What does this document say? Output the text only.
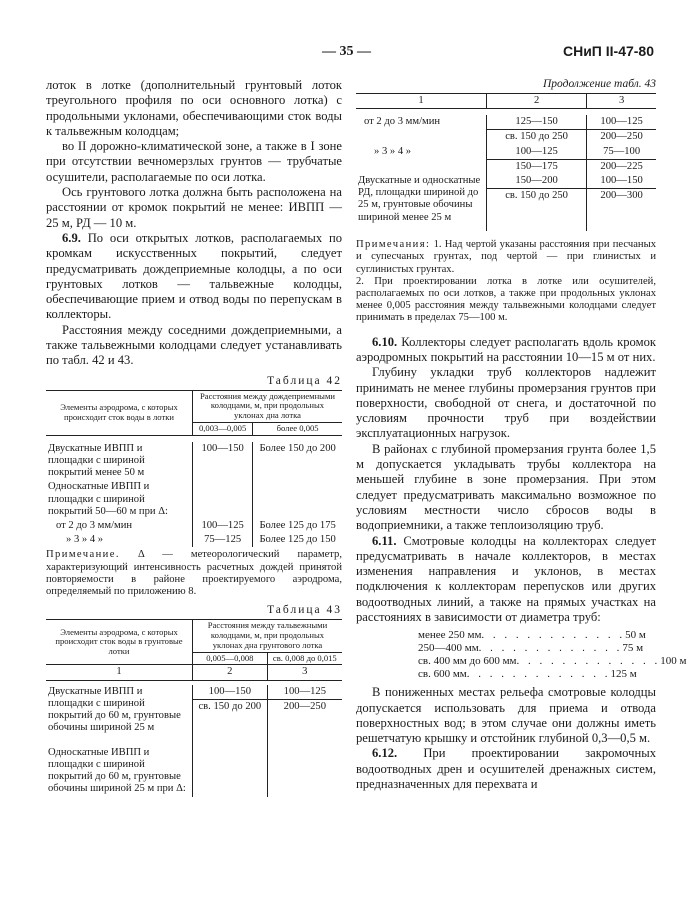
— 35 —	СНиП II-47-80

лоток в лотке (дополнительный грунтовый лоток треугольного профиля по оси основного лотка) с продольными уклонами, обеспечивающими сток воды к тальвежным колодцам;

во II дорожно-климатической зоне, а также в I зоне при отсутствии вечномерзлых грунтов — трубчатые осушители, располагаемые по оси лотка.

Ось грунтового лотка должна быть расположена на расстоянии от кромок покрытий не менее: ИВПП — 25 м, РД — 10 м.

6.9. По оси открытых лотков, располагаемых по кромкам искусственных покрытий, следует предусматривать дождеприемные колодцы, а по оси грунтовых лотков — тальвежные колодцы, обеспечивающие прием и отвод воды по перепускам в коллекторы.

Расстояния между соседними дождеприемными, а также тальвежными колодцами следует устанавливать по табл. 42 и 43.

Таблица 42
Элементы аэродрома, с которых происходит сток воды в лотки	Расстояния между дождеприемными колодцами, м, при продольных уклонах дна лотка	
	0,003—0,005	более 0,005

Двускатные ИВПП и площадки с шириной покрытий менее 50 м	100—150	Более 150 до 200
Односкатные ИВПП и площадки с шириной покрытий 50—60 м при Δ:		
от 2 до 3 мм/мин	100—125	Более 125 до 175
» 3 » 4 »	75—125	Более 125 до 150
Примечание. Δ — метеорологический параметр, характеризующий интенсивность расчетных дождей принятой повторяемости в районе проектируемого аэродрома, определяемый по приложению 8.
Таблица 43
Элементы аэродрома, с которых происходит сток воды в грунтовые лотки	Расстояния между тальвежными колодцами, м, при продольных уклонах дна грунтового лотка	
	0,005—0,008	св. 0,008 до 0,015
1	2	3

Двускатные ИВПП и площадки с шириной покрытий до 60 м, грунтовые обочины шириной 25 м	100—150	100—125
	св. 150 до 200	200—250
Односкатные ИВПП и площадки с шириной покрытий до 60 м, грунтовые обочины шириной 25 м при Δ:		
Продолжение табл. 43
1	2	3

от 2 до 3 мм/мин	125—150	100—125
	св. 150 до 250	200—250
» 3 » 4 »	100—125	75—100
	150—175	200—225
Двускатные и односкатные РД, площадки шириной до 25 м, грунтовые обочины шириной менее 25 м	150—200	100—150
	св. 150 до 250	200—300
Примечания: 1. Над чертой указаны расстояния при песчаных и супесчаных грунтах, под чертой — при глинистых и суглинистых грунтах.
2. При проектировании лотка в лотке или осушителей, располагаемых по оси лотков, а также при продольных уклонах менее 0,005 расстояния между тальвежными колодцами следует принимать в пределах 75—100 м.

6.10. Коллекторы следует располагать вдоль кромок аэродромных покрытий на расстоянии 10—15 м от них.

Глубину укладки труб коллекторов надлежит принимать не менее глубины промерзания грунтов при поверхности, свободной от снега, и достаточной по условиям прочности труб при воздействии эксплуатационных нагрузок.

В районах с глубиной промерзания грунта более 1,5 м допускается укладывать трубы коллектора на меньшей глубине в зоне промерзания. При этом следует предусматривать максимально возможное по условиям местности число сбросов воды в водоприемники, а также теплоизоляцию труб.

6.11. Смотровые колодцы на коллекторах следует предусматривать в начале коллекторов, в местах изменения направления и уклонов, в местах подключения к коллекторам перепусков или других водоотводных линий, а также на прямых участках на расстояниях в зависимости от диаметра труб:

менее 250 мм . . . . . . . . . . . . . 50 м
250—400 мм . . . . . . . . . . . . . 75 м
св. 400 мм до 600 мм . . . . . . . . . . . . . 100 м
св. 600 мм . . . . . . . . . . . . . 125 м

В пониженных местах рельефа смотровые колодцы допускается использовать для приема и отвода поверхностных вод; в этом случае они должны иметь решетчатую крышку и отстойник глубиной 0,3—0,5 м.

6.12. При проектировании закромочных водоотводных дрен и осушителей дренажных систем, предназначенных для перехвата и
